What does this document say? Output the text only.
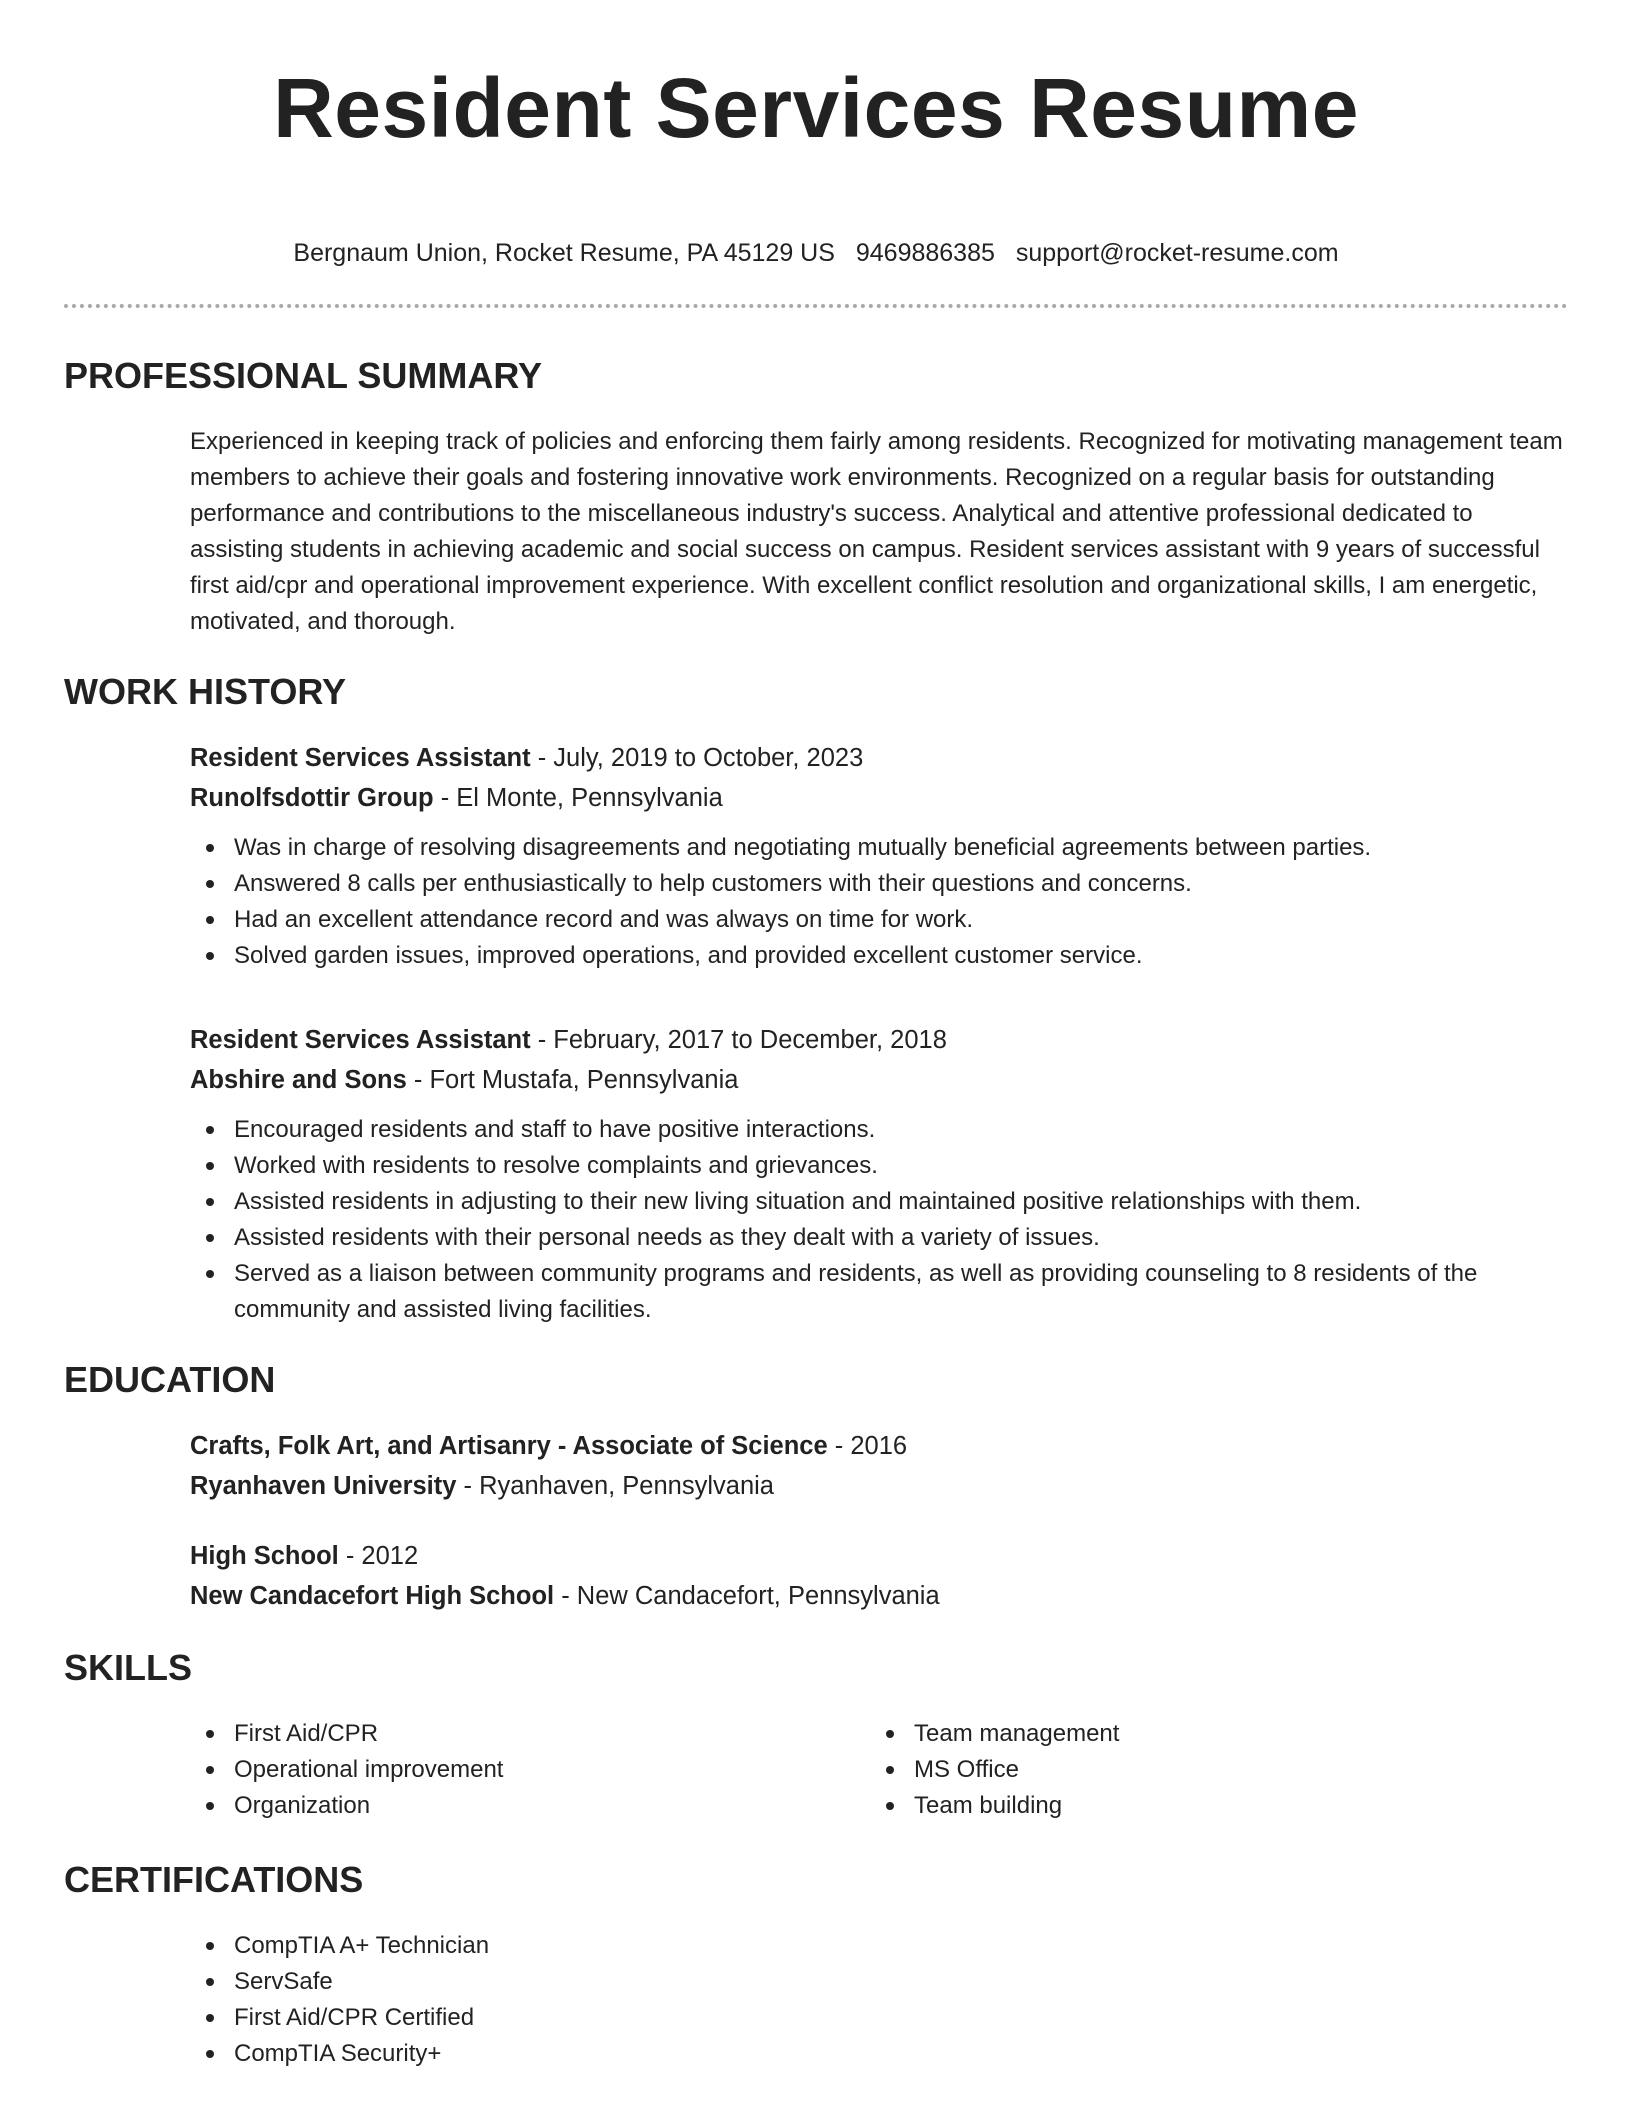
Resident Services Resume
Bergnaum Union, Rocket Resume, PA 45129 US 9469886385 support@rocket-resume.com
PROFESSIONAL SUMMARY

Experienced in keeping track of policies and enforcing them fairly among residents. Recognized for motivating management team members to achieve their goals and fostering innovative work environments. Recognized on a regular basis for outstanding performance and contributions to the miscellaneous industry's success. Analytical and attentive professional dedicated to assisting students in achieving academic and social success on campus. Resident services assistant with 9 years of successful first aid/cpr and operational improvement experience. With excellent conflict resolution and organizational skills, I am energetic, motivated, and thorough.

WORK HISTORY
Resident Services Assistant - July, 2019 to October, 2023
Runolfsdottir Group - El Monte, Pennsylvania
Was in charge of resolving disagreements and negotiating mutually beneficial agreements between parties.
Answered 8 calls per enthusiastically to help customers with their questions and concerns.
Had an excellent attendance record and was always on time for work.
Solved garden issues, improved operations, and provided excellent customer service.
Resident Services Assistant - February, 2017 to December, 2018
Abshire and Sons - Fort Mustafa, Pennsylvania
Encouraged residents and staff to have positive interactions.
Worked with residents to resolve complaints and grievances.
Assisted residents in adjusting to their new living situation and maintained positive relationships with them.
Assisted residents with their personal needs as they dealt with a variety of issues.
Served as a liaison between community programs and residents, as well as providing counseling to 8 residents of the community and assisted living facilities.
EDUCATION
Crafts, Folk Art, and Artisanry - Associate of Science - 2016
Ryanhaven University - Ryanhaven, Pennsylvania
High School - 2012
New Candacefort High School - New Candacefort, Pennsylvania
SKILLS
First Aid/CPR
Operational improvement
Organization
Team management
MS Office
Team building
CERTIFICATIONS
CompTIA A+ Technician
ServSafe
First Aid/CPR Certified
CompTIA Security+
